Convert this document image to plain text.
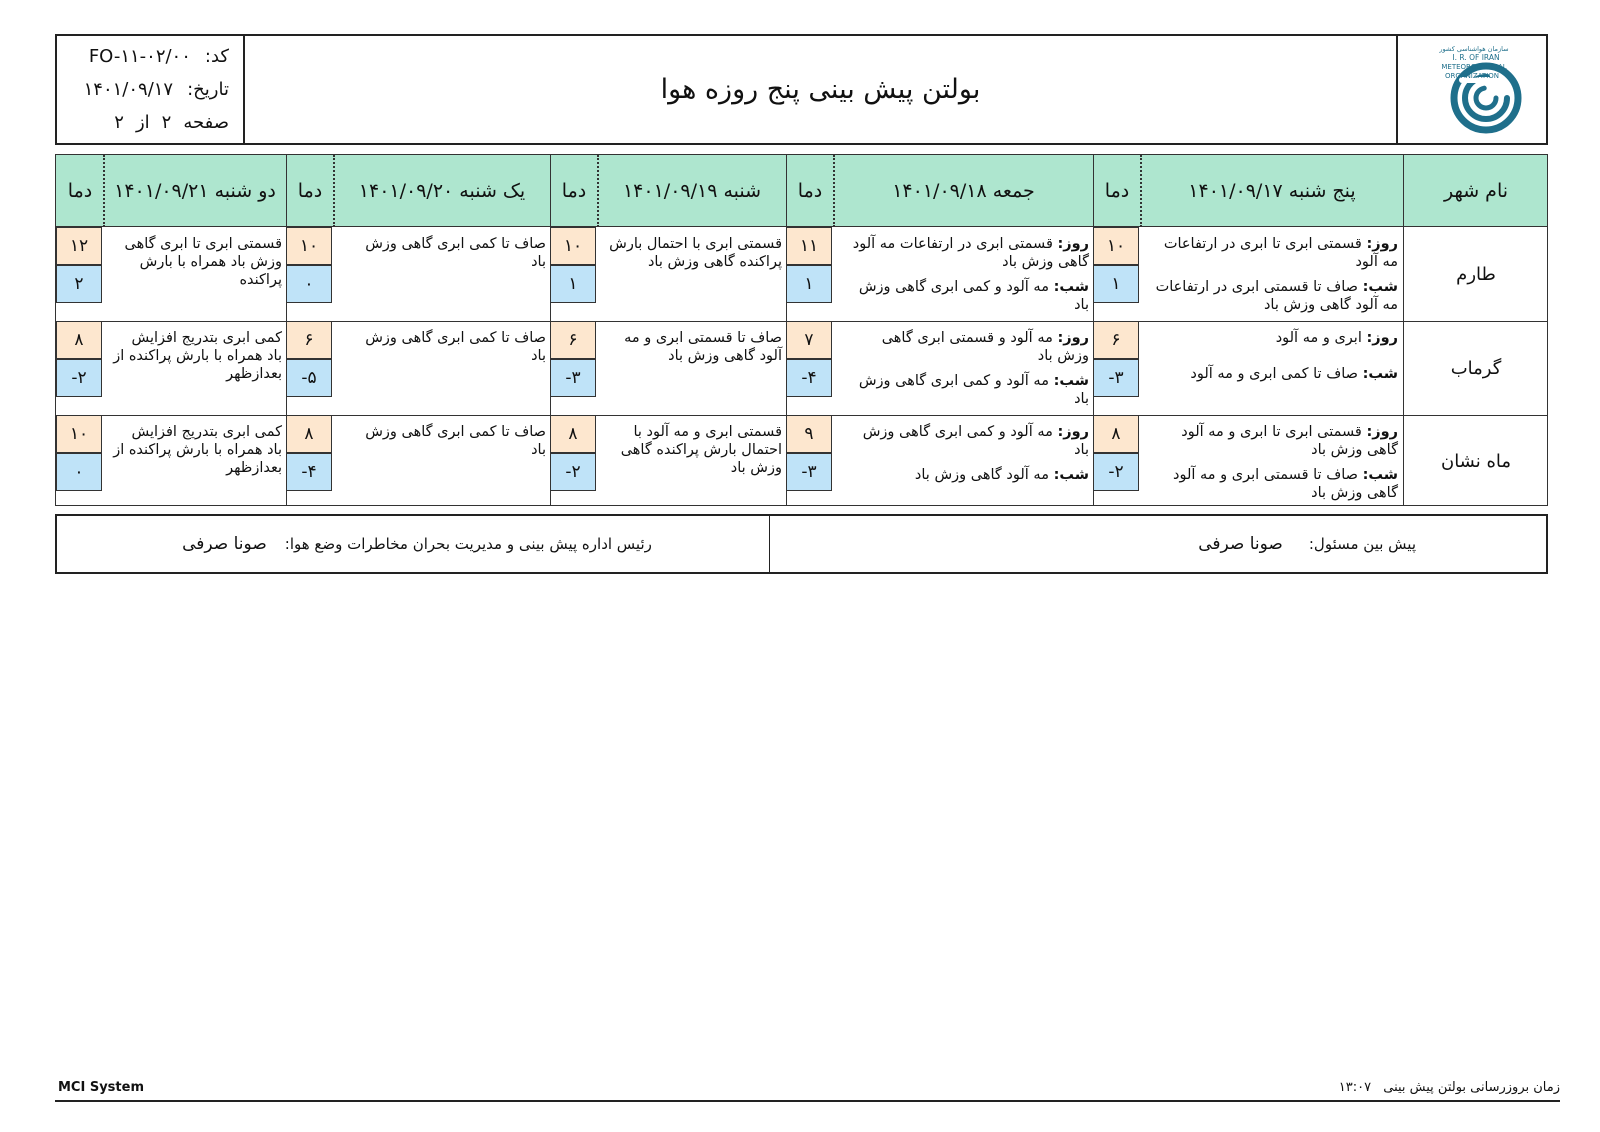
کد:
FO-۱۱-۰۲/۰۰
تاریخ:
۱۴۰۱/۰۹/۱۷
صفحه
۲
از
۲
بولتن پیش بینی پنج روزه هوا
سازمان هواشناسی کشور
I. R. OF IRAN
METEOROLOGICAL
ORGANIZATION
نام شهر
پنج شنبه ۱۴۰۱/۰۹/۱۷
دما
جمعه ۱۴۰۱/۰۹/۱۸
دما
شنبه ۱۴۰۱/۰۹/۱۹
دما
یک شنبه ۱۴۰۱/۰۹/۲۰
دما
دو شنبه ۱۴۰۱/۰۹/۲۱
دما
طارم

روز: قسمتی ابری تا ابری در ارتفاعات مه آلود

شب: صاف تا قسمتی ابری در ارتفاعات مه آلود گاهی وزش باد

۱۰
۱

روز: قسمتی ابری در ارتفاعات مه آلود گاهی وزش باد

شب: مه آلود و کمی ابری گاهی وزش باد

۱۱
۱

قسمتی ابری با احتمال بارش پراکنده گاهی وزش باد

۱۰
۱

صاف تا کمی ابری گاهی وزش باد

۱۰
۰

قسمتی ابری تا ابری گاهی وزش باد همراه با بارش پراکنده

۱۲
۲
گرماب

روز: ابری و مه آلود

شب: صاف تا کمی ابری و مه آلود

۶
-۳

روز: مه آلود و قسمتی ابری گاهی وزش باد

شب: مه آلود و کمی ابری گاهی وزش باد

۷
-۴

صاف تا قسمتی ابری و مه آلود گاهی وزش باد

۶
-۳

صاف تا کمی ابری گاهی وزش باد

۶
-۵

کمی ابری بتدریج افزایش باد همراه با بارش پراکنده از بعدازظهر

۸
-۲
ماه نشان

روز: قسمتی ابری تا ابری و مه آلود گاهی وزش باد

شب: صاف تا قسمتی ابری و مه آلود گاهی وزش باد

۸
-۲

روز: مه آلود و کمی ابری گاهی وزش باد

شب: مه آلود گاهی وزش باد

۹
-۳

قسمتی ابری و مه آلود با احتمال بارش پراکنده گاهی وزش باد

۸
-۲

صاف تا کمی ابری گاهی وزش باد

۸
-۴

کمی ابری بتدریج افزایش باد همراه با بارش پراکنده از بعدازظهر

۱۰
۰
پیش بین مسئول:
صونا صرفی
رئیس اداره پیش بینی و مدیریت بحران مخاطرات وضع هوا:
صونا صرفی
MCI System	زمان بروزرسانی بولتن پیش بینی ۱۳:۰۷
